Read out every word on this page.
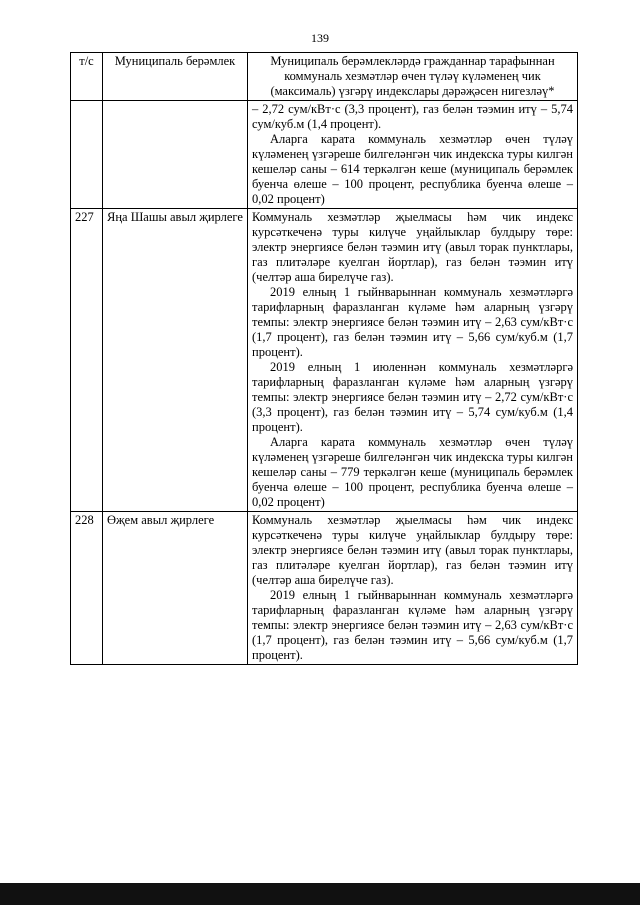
139
т/с	Муниципаль берәмлек	Муниципаль берәмлекләрдә гражданнар тарафыннан коммуналь хезмәтләр өчен түләү күләменең чик (максималь) үзгәрү индекслары дәрәҗәсен нигезләү*

		– 2,72 сум/кВт·с (3,3 процент), газ белән тәэмин итү – 5,74 сум/куб.м (1,4 процент).

Аларга карата коммуналь хезмәтләр өчен түләү күләменең үзгәреше билгеләнгән чик индекска туры килгән кешеләр саны – 614 теркәлгән кеше (муниципаль берәмлек буенча өлеше – 100 процент, республика буенча өлеше – 0,02 процент)

227	Яңа Шашы авыл җирлеге	Коммуналь хезмәтләр җыелмасы һәм чик индекс курсәткеченә туры килүче уңайлыклар булдыру төре: электр энергиясе белән тәэмин итү (авыл торак пунктлары, газ плитәләре куелган йортлар), газ белән тәэмин итү (челтәр аша бирелүче газ).

2019 елның 1 гыйнварыннан коммуналь хезмәтләргә тарифларның фаразланган күләме һәм аларның үзгәрү темпы: электр энергиясе белән тәэмин итү – 2,63 сум/кВт·с (1,7 процент), газ белән тәэмин итү – 5,66 сум/куб.м (1,7 процент).

2019 елның 1 июленнән коммуналь хезмәтләргә тарифларның фаразланган күләме һәм аларның үзгәрү темпы: электр энергиясе белән тәэмин итү – 2,72 сум/кВт·с (3,3 процент), газ белән тәэмин итү – 5,74 сум/куб.м (1,4 процент).

Аларга карата коммуналь хезмәтләр өчен түләү күләменең үзгәреше билгеләнгән чик индекска туры килгән кешеләр саны – 779 теркәлгән кеше (муниципаль берәмлек буенча өлеше – 100 процент, республика буенча өлеше – 0,02 процент)

228	Өҗем авыл җирлеге	Коммуналь хезмәтләр җыелмасы һәм чик индекс курсәткеченә туры килүче уңайлыклар булдыру төре: электр энергиясе белән тәэмин итү (авыл торак пунктлары, газ плитәләре куелган йортлар), газ белән тәэмин итү (челтәр аша бирелүче газ).

2019 елның 1 гыйнварыннан коммуналь хезмәтләргә тарифларның фаразланган күләме һәм аларның үзгәрү темпы: электр энергиясе белән тәэмин итү – 2,63 сум/кВт·с (1,7 процент), газ белән тәэмин итү – 5,66 сум/куб.м (1,7 процент).
